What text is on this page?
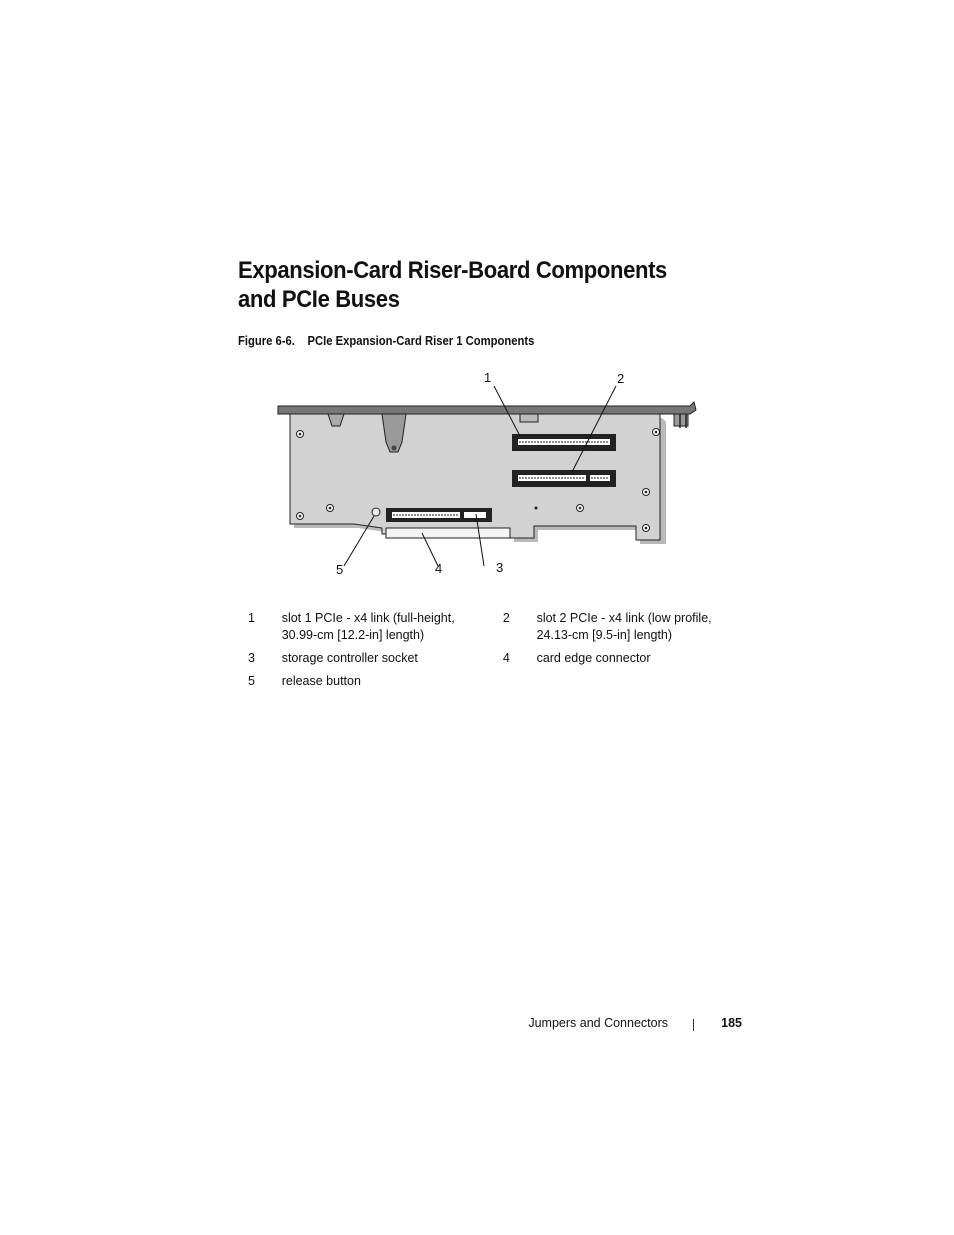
Expansion-Card Riser-Board Components and PCIe Buses
Figure 6-6. PCIe Expansion-Card Riser 1 Components
1	2
3
4
5
1	slot 1 PCIe - x4 link (full-height, 30.99-cm [12.2-in] length)	2	slot 2 PCIe - x4 link (low profile, 24.13-cm [9.5-in] length)
3	storage controller socket	4	card edge connector
5	release button		
Jumpers and Connectors	185
